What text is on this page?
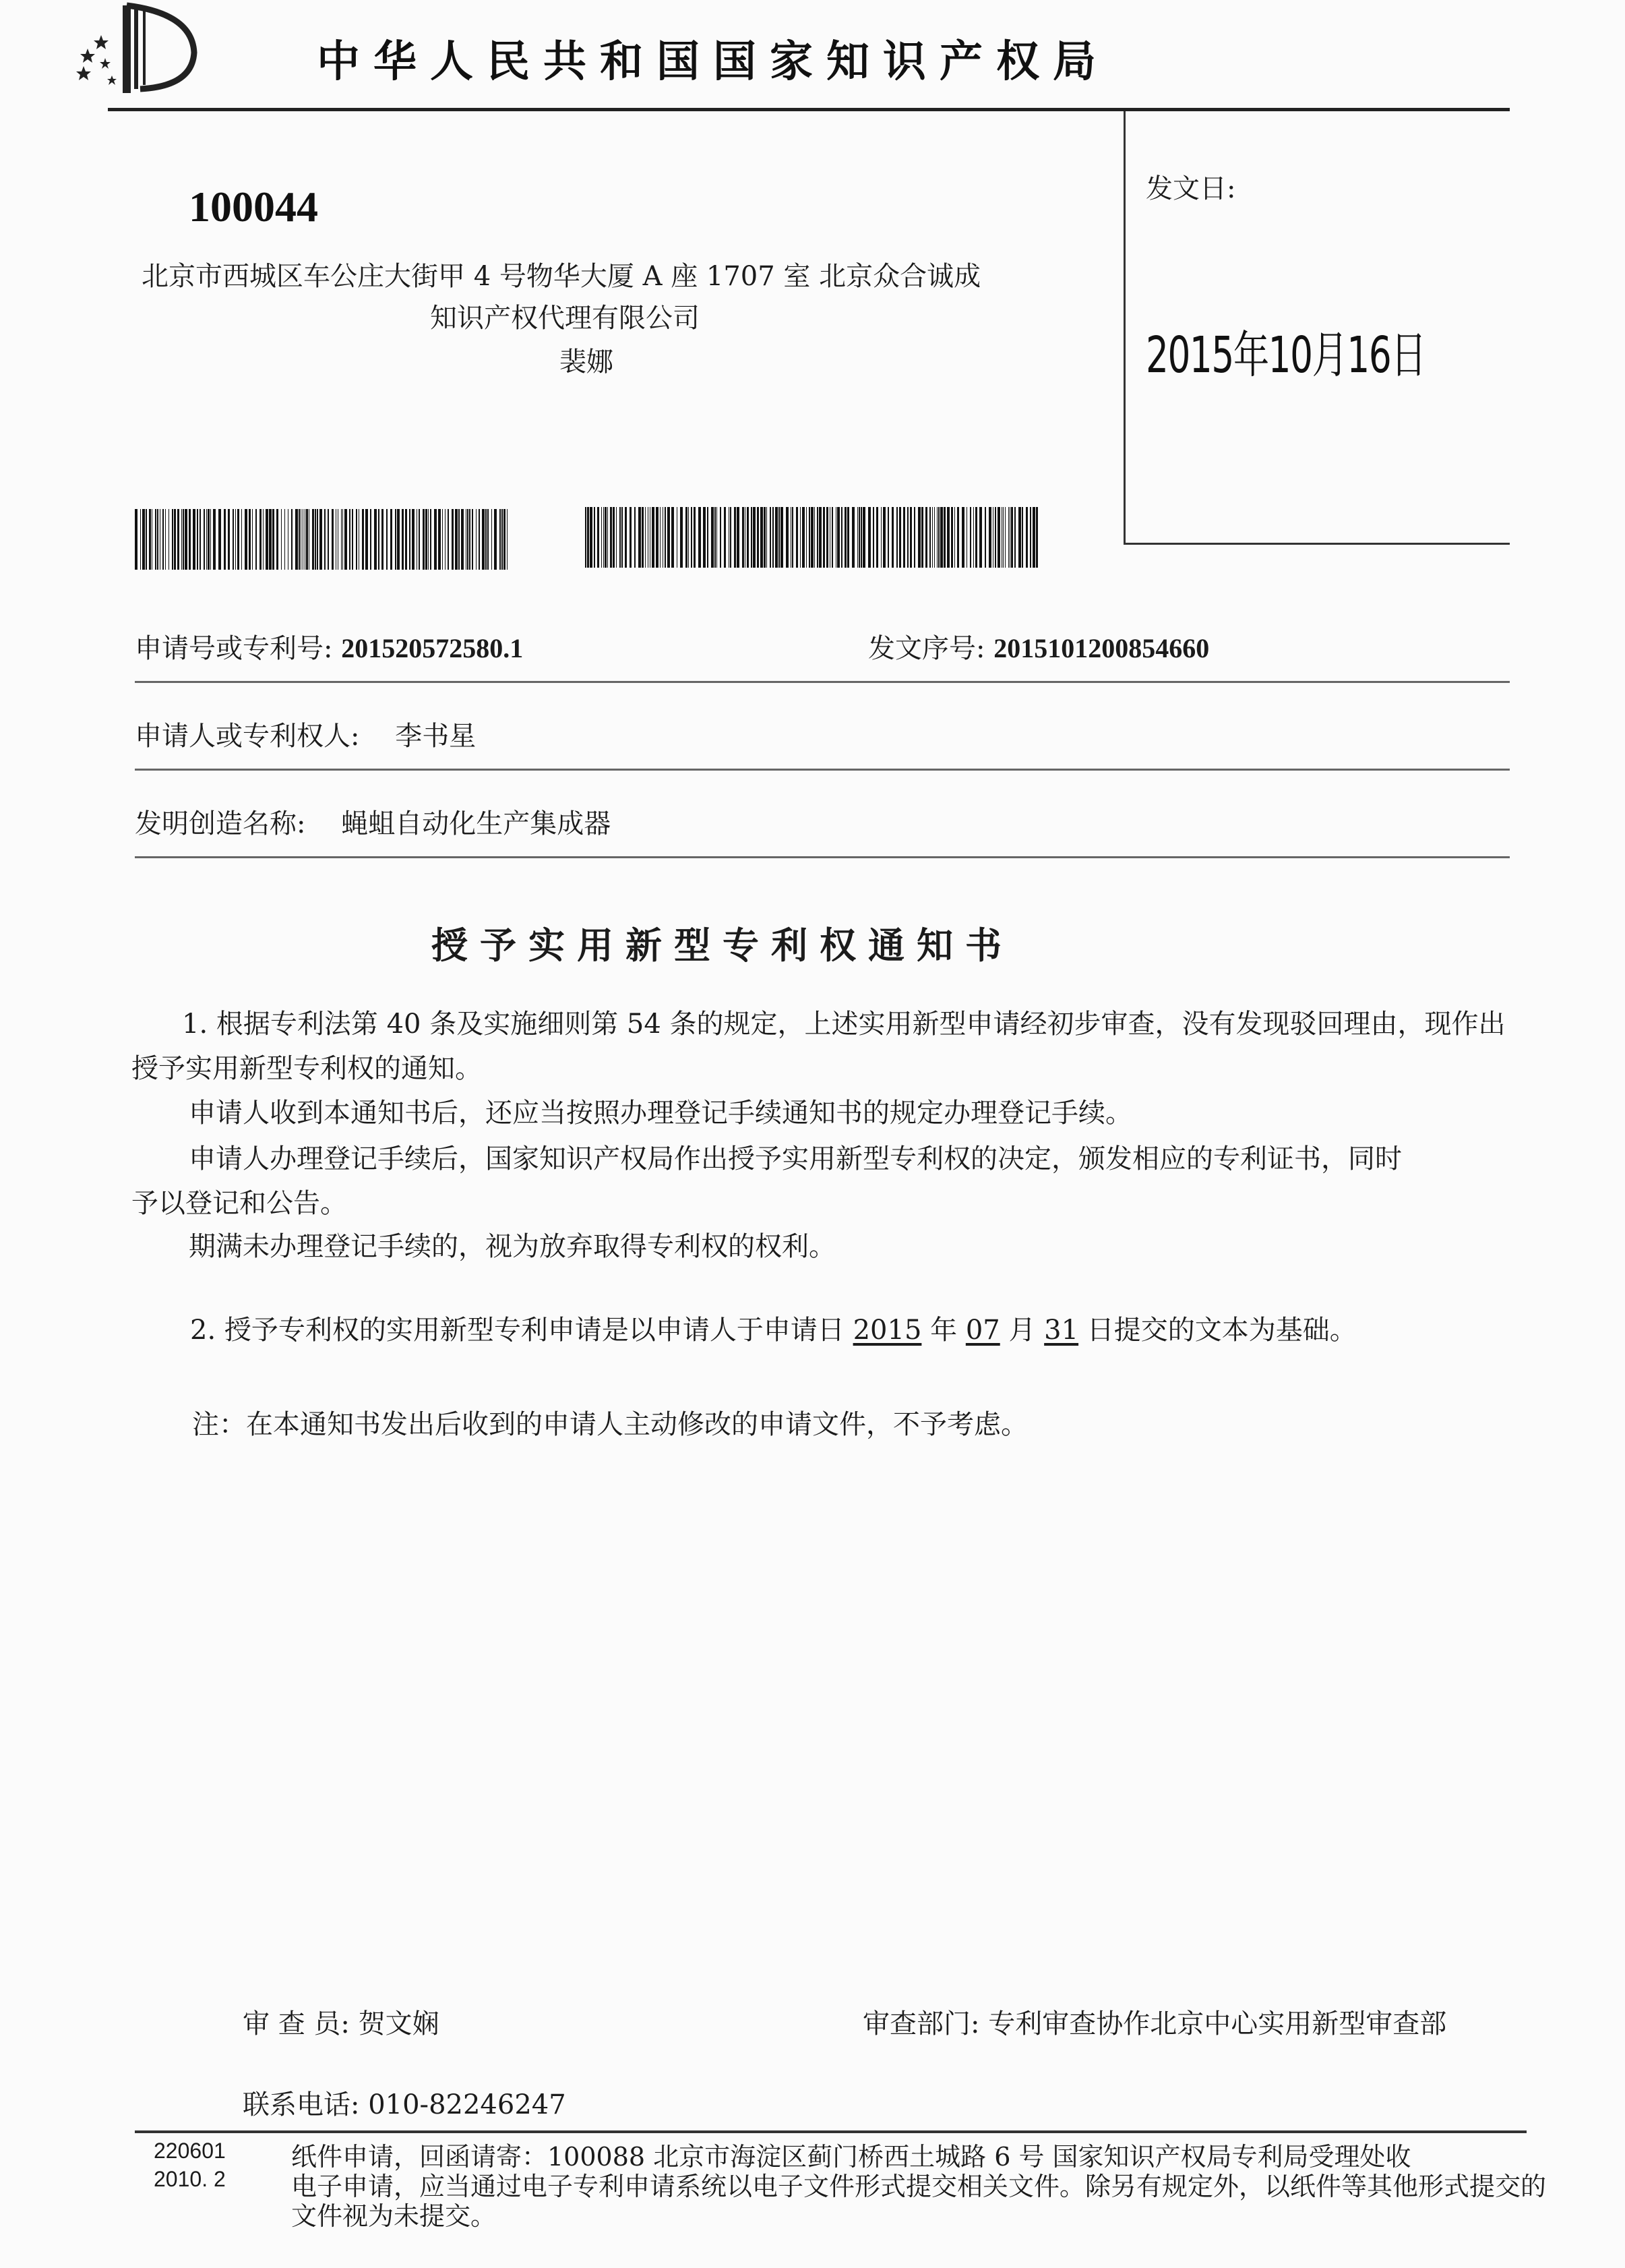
中华人民共和国国家知识产权局
100044
北京市西城区车公庄大街甲 4 号物华大厦 A 座 1707 室 北京众合诚成
知识产权代理有限公司
裴娜
发文日:
2015年10月16日
申请号或专利号: 201520572580.1	发文序号: 2015101200854660
申请人或专利权人: 李书星
发明创造名称: 蝇蛆自动化生产集成器
授予实用新型专利权通知书
1. 根据专利法第 40 条及实施细则第 54 条的规定，上述实用新型申请经初步审查，没有发现驳回理由，现作出
授予实用新型专利权的通知。
申请人收到本通知书后，还应当按照办理登记手续通知书的规定办理登记手续。
申请人办理登记手续后，国家知识产权局作出授予实用新型专利权的决定，颁发相应的专利证书，同时
予以登记和公告。
期满未办理登记手续的，视为放弃取得专利权的权利。
2. 授予专利权的实用新型专利申请是以申请人于申请日 2015 年 07 月 31 日提交的文本为基础。
注：在本通知书发出后收到的申请人主动修改的申请文件，不予考虑。
审 查 员: 贺文娴	审查部门: 专利审查协作北京中心实用新型审查部
联系电话: 010-82246247
220601
2010. 2
纸件申请，回函请寄：100088 北京市海淀区蓟门桥西土城路 6 号 国家知识产权局专利局受理处收
电子申请，应当通过电子专利申请系统以电子文件形式提交相关文件。除另有规定外，以纸件等其他形式提交的
文件视为未提交。
